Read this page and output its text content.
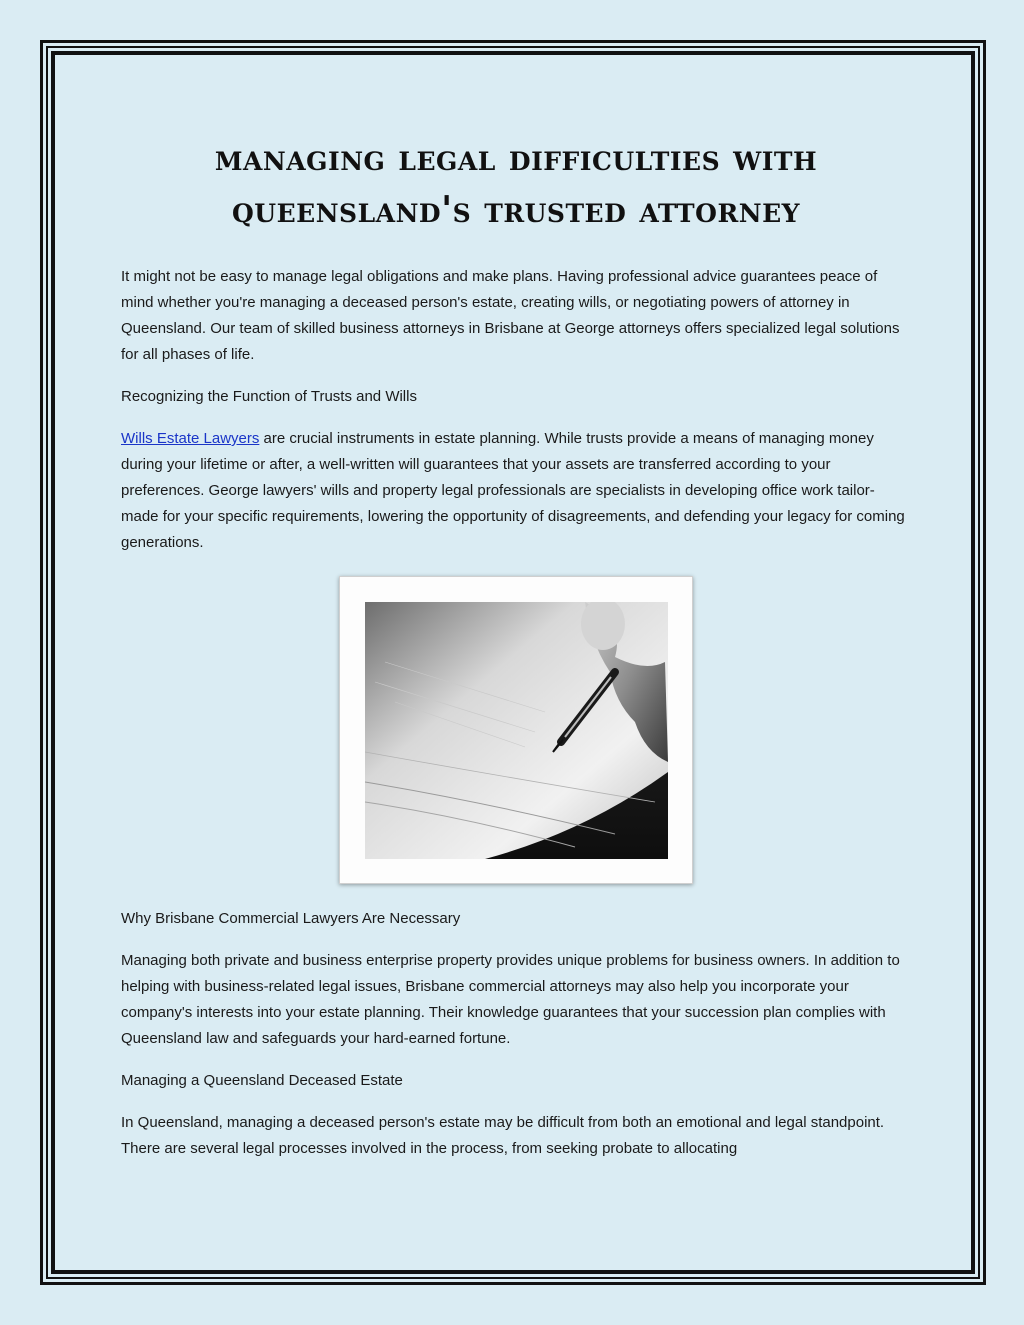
managing legal difficulties with
queensland's trusted attorney

It might not be easy to manage legal obligations and make plans. Having professional advice guarantees peace of mind whether you're managing a deceased person's estate, creating wills, or negotiating powers of attorney in Queensland. Our team of skilled business attorneys in Brisbane at George attorneys offers specialized legal solutions for all phases of life.

Recognizing the Function of Trusts and Wills

Wills Estate Lawyers are crucial instruments in estate planning. While trusts provide a means of managing money during your lifetime or after, a well-written will guarantees that your assets are transferred according to your preferences. George lawyers' wills and property legal professionals are specialists in developing office work tailor-made for your specific requirements, lowering the opportunity of disagreements, and defending your legacy for coming generations.

Why Brisbane Commercial Lawyers Are Necessary

Managing both private and business enterprise property provides unique problems for business owners. In addition to helping with business-related legal issues, Brisbane commercial attorneys may also help you incorporate your company's interests into your estate planning. Their knowledge guarantees that your succession plan complies with Queensland law and safeguards your hard-earned fortune.

Managing a Queensland Deceased Estate

In Queensland, managing a deceased person's estate may be difficult from both an emotional and legal standpoint. There are several legal processes involved in the process, from seeking probate to allocating
